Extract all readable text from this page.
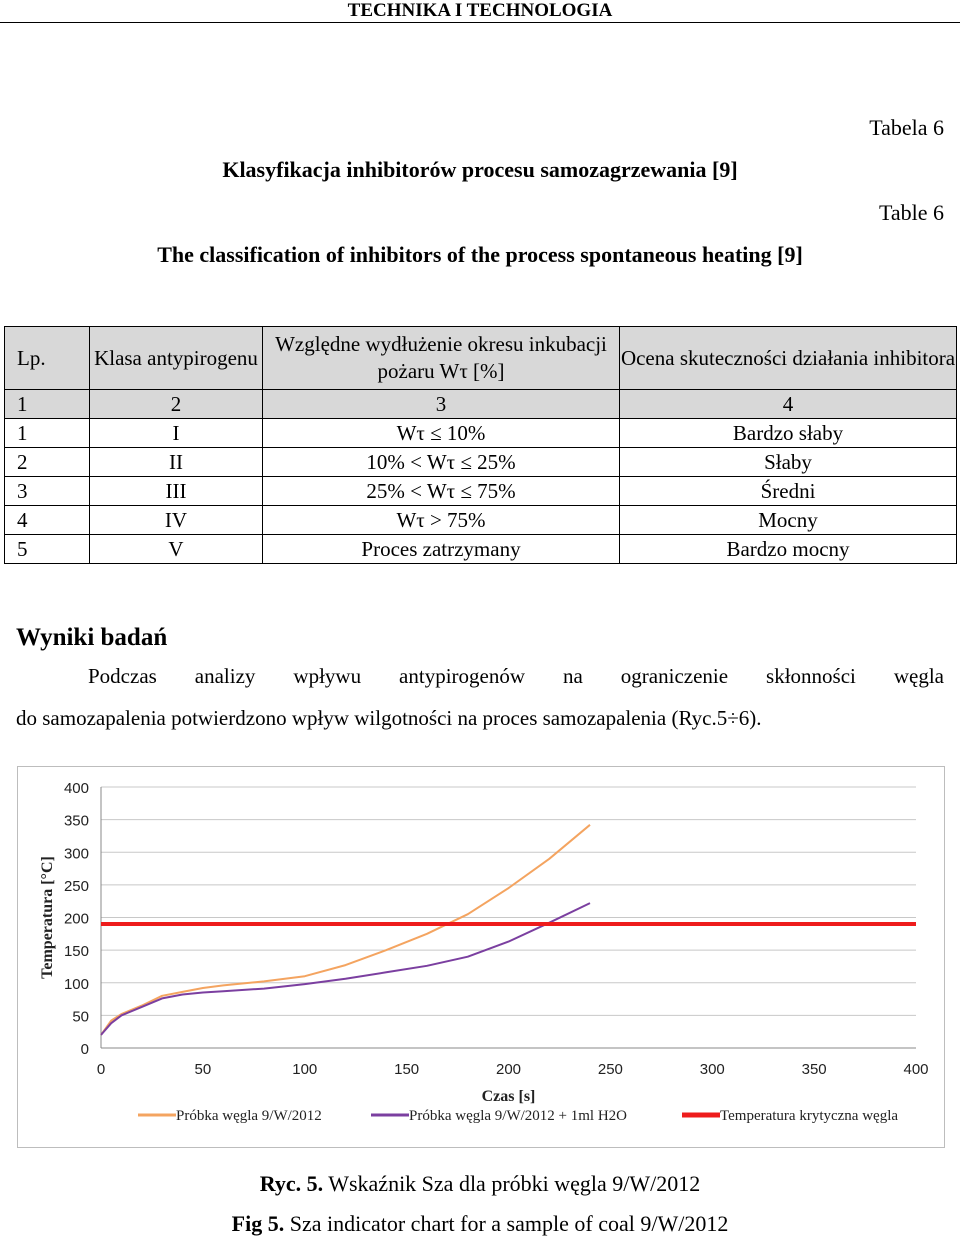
TECHNIKA I TECHNOLOGIA
Tabela 6
Klasyfikacja inhibitorów procesu samozagrzewania [9]
Table 6
The classification of inhibitors of the process spontaneous heating [9]
Lp.	Klasa antypirogenu	Względne wydłużenie okresu inkubacji pożaru Wτ [%]	Ocena skuteczności działania inhibitora
1	2	3	4
1	I	Wτ ≤ 10%	Bardzo słaby
2	II	10% < Wτ ≤ 25%	Słaby
3	III	25% < Wτ ≤ 75%	Średni
4	IV	Wτ > 75%	Mocny
5	V	Proces zatrzymany	Bardzo mocny
Wyniki badań
Podczas analizy wpływu antypirogenów na ograniczenie skłonności węgla
do samozapalenia potwierdzono wpływ wilgotności na proces samozapalenia (Ryc.5÷6).
0
50
100
150
200
250
300
350
400
0	50	100	150	200	250	300	350	400
Czas [s]
Temperatura [°C]
Próbka węgla 9/W/2012	Próbka węgla 9/W/2012 + 1ml H2O	Temperatura krytyczna węgla
Ryc. 5. Wskaźnik Sza dla próbki węgla 9/W/2012
Fig 5. Sza indicator chart for a sample of coal 9/W/2012
